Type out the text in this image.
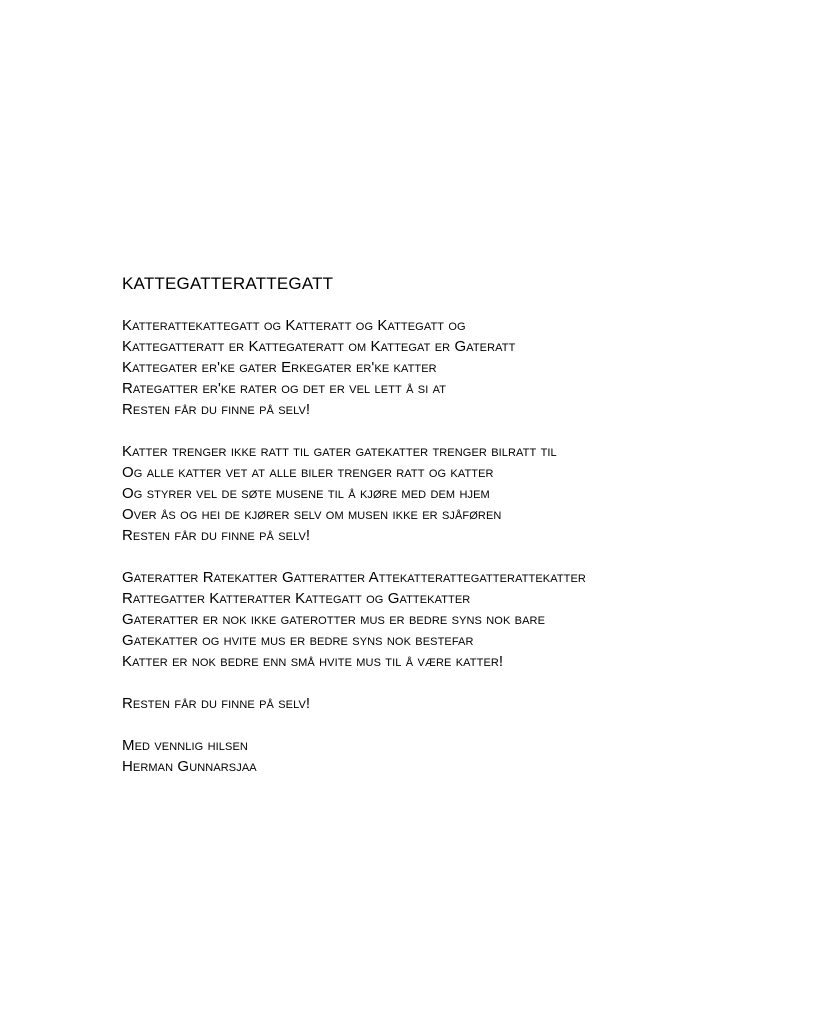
KATTEGATTERATTEGATT
Katterattekattegatt og Katteratt og Kattegatt og
Kattegatteratt er Kattegateratt om Kattegat er Gateratt
Kattegater er'ke gater Erkegater er'ke katter
Rategatter er'ke rater og det er vel lett å si at
Resten får du finne på selv!
Katter trenger ikke ratt til gater gatekatter trenger bilratt til
Og alle katter vet at alle biler trenger ratt og katter
Og styrer vel de søte musene til å kjøre med dem hjem
Over ås og hei de kjører selv om musen ikke er sjåføren
Resten får du finne på selv!
Gateratter Ratekatter Gatteratter Attekatterattegatterattekatter
Rattegatter Katteratter Kattegatt og Gattekatter
Gateratter er nok ikke gaterotter mus er bedre syns nok bare
Gatekatter og hvite mus er bedre syns nok bestefar
Katter er nok bedre enn små hvite mus til å være katter!
Resten får du finne på selv!
Med vennlig hilsen
Herman Gunnarsjaa
